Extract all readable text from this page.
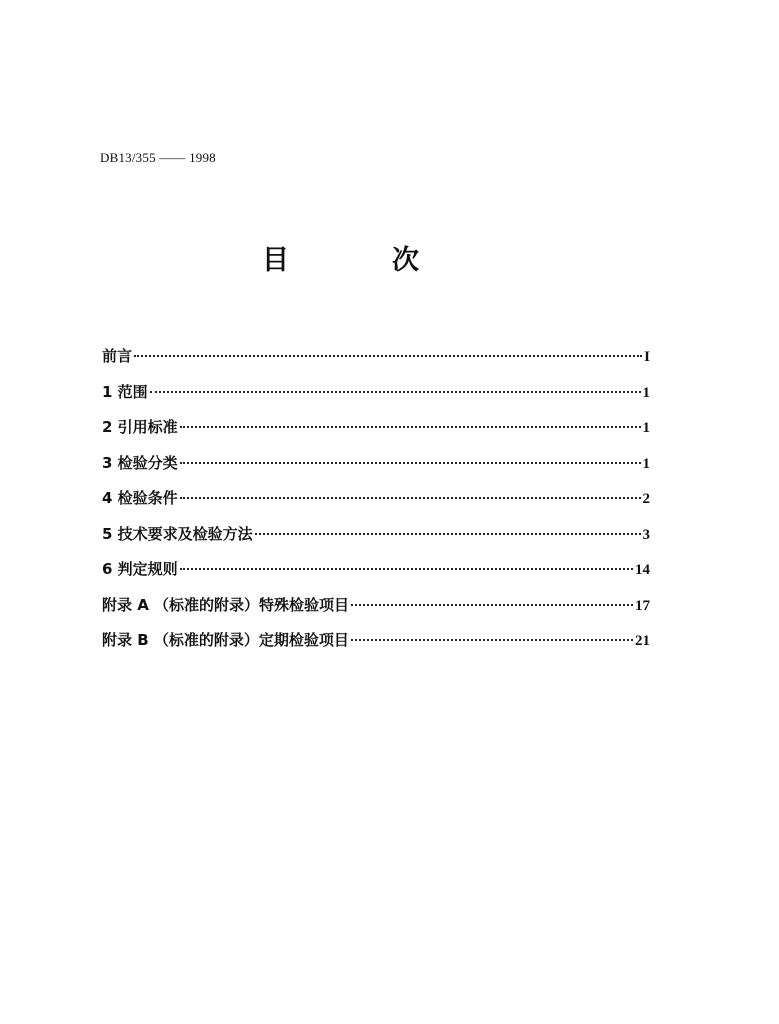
DB13/355 —— 1998
目	次
前言	I
1 范围	1
2 引用标准	1
3 检验分类	1
4 检验条件	2
5 技术要求及检验方法	3
6 判定规则	14
附录 A （标准的附录）特殊检验项目	17
附录 B （标准的附录）定期检验项目	21
